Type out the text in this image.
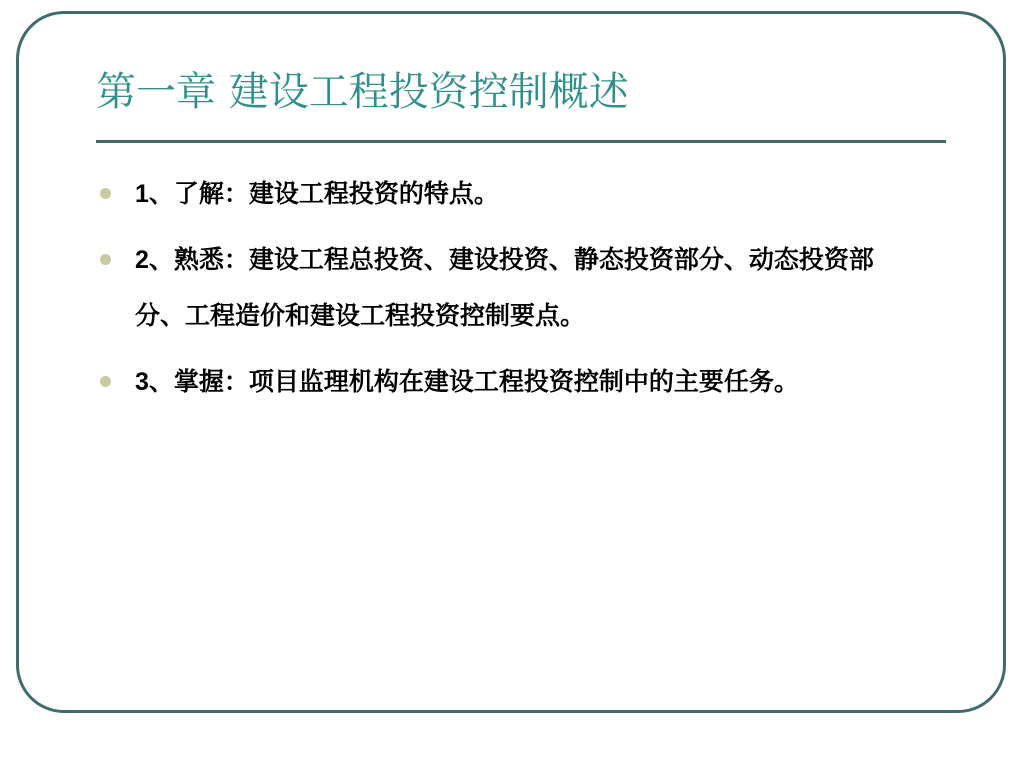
第一章 建设工程投资控制概述
1、了解：建设工程投资的特点。
2、熟悉：建设工程总投资、建设投资、静态投资部分、动态投资部分、工程造价和建设工程投资控制要点。
3、掌握：项目监理机构在建设工程投资控制中的主要任务。
